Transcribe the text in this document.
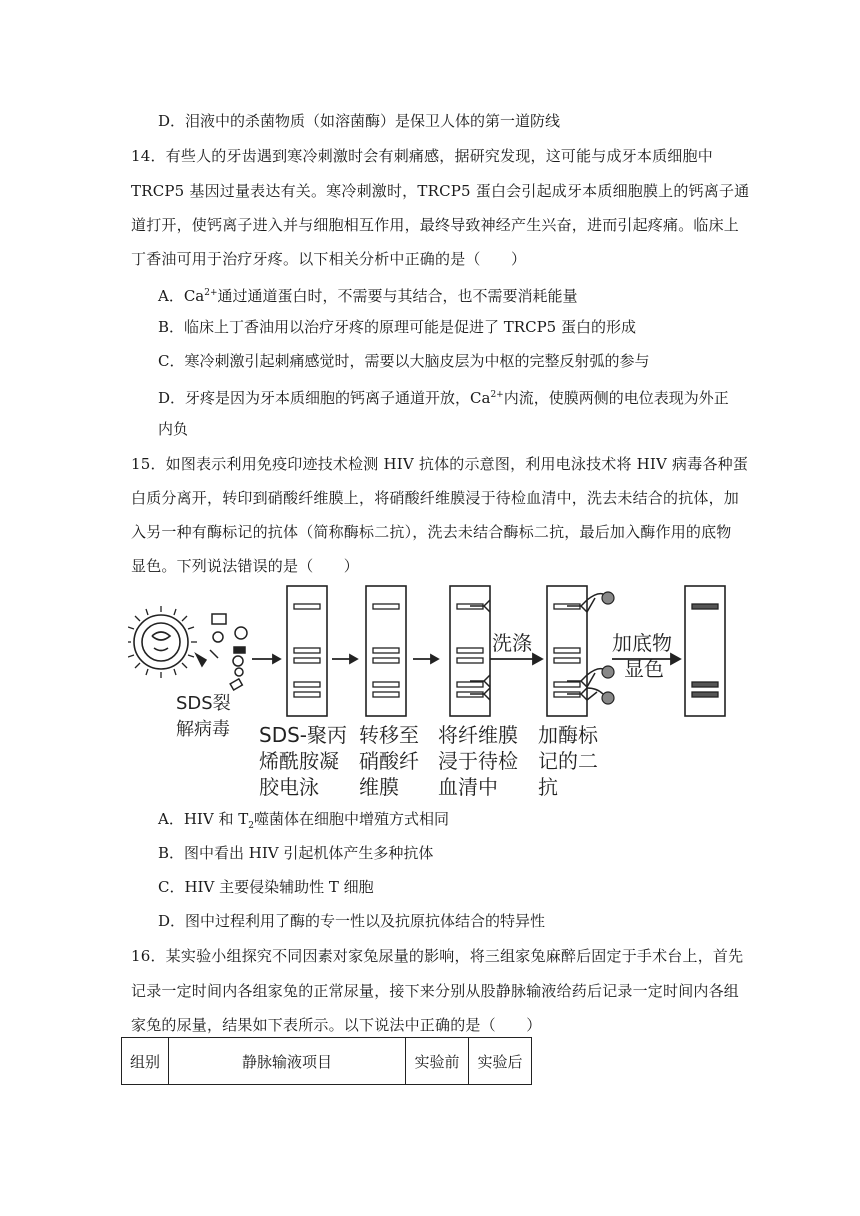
D．泪液中的杀菌物质（如溶菌酶）是保卫人体的第一道防线
14．有些人的牙齿遇到寒冷刺激时会有刺痛感，据研究发现，这可能与成牙本质细胞中
TRCP5 基因过量表达有关。寒冷刺激时，TRCP5 蛋白会引起成牙本质细胞膜上的钙离子通
道打开，使钙离子进入并与细胞相互作用，最终导致神经产生兴奋，进而引起疼痛。临床上
丁香油可用于治疗牙疼。以下相关分析中正确的是（　　）
A．$Ca^{2+}$通过通道蛋白时，不需要与其结合，也不需要消耗能量
B．临床上丁香油用以治疗牙疼的原理可能是促进了 TRCP5 蛋白的形成
C．寒冷刺激引起刺痛感觉时，需要以大脑皮层为中枢的完整反射弧的参与
D．牙疼是因为牙本质细胞的钙离子通道开放，$Ca^{2+}$内流，使膜两侧的电位表现为外正
内负
15．如图表示利用免疫印迹技术检测 HIV 抗体的示意图，利用电泳技术将 HIV 病毒各种蛋
白质分离开，转印到硝酸纤维膜上，将硝酸纤维膜浸于待检血清中，洗去未结合的抗体，加
入另一种有酶标记的抗体（简称酶标二抗），洗去未结合酶标二抗，最后加入酶作用的底物
显色。下列说法错误的是（　　）
SDS裂
解病毒 SDS-聚丙
烯酰胺凝
胶电泳
转移至
硝酸纤
维膜
将纤维膜
浸于待检
血清中
加酶标
记的二
抗
洗涤	加底物
显色
A．HIV 和 $T_2$噬菌体在细胞中增殖方式相同
B．图中看出 HIV 引起机体产生多种抗体
C．HIV 主要侵染辅助性 T 细胞
D．图中过程利用了酶的专一性以及抗原抗体结合的特异性
16．某实验小组探究不同因素对家兔尿量的影响，将三组家兔麻醉后固定于手术台上，首先
记录一定时间内各组家兔的正常尿量，接下来分别从股静脉输液给药后记录一定时间内各组
家兔的尿量，结果如下表所示。以下说法中正确的是（　　）
组别	静脉输液项目	实验前	实验后
